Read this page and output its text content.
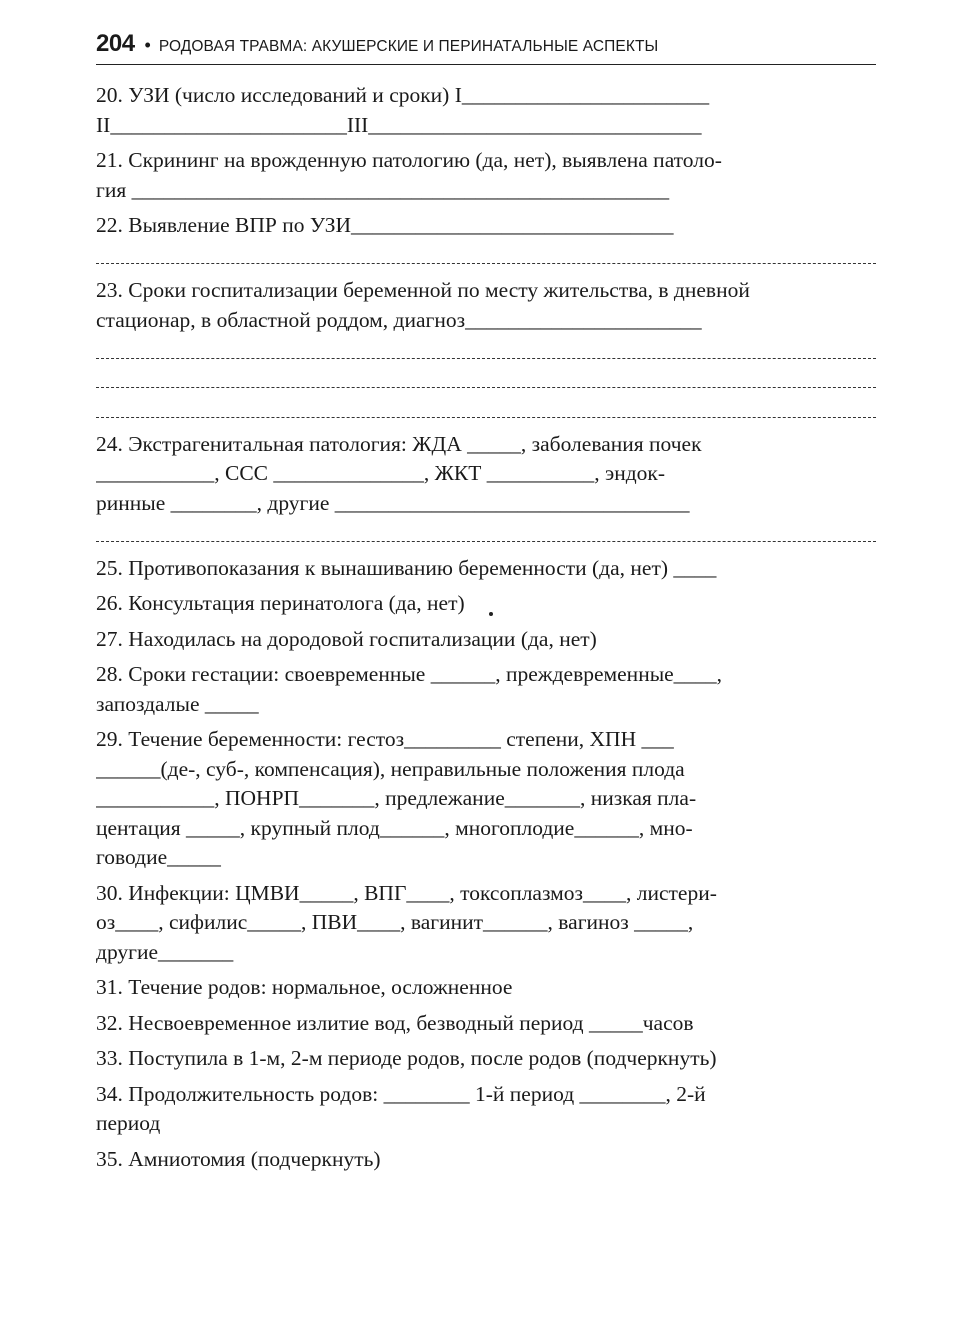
204 • РОДОВАЯ ТРАВМА: АКУШЕРСКИЕ И ПЕРИНАТАЛЬНЫЕ АСПЕКТЫ
20. УЗИ (число исследований и сроки) I_______________________
II______________________III_______________________________
21. Скрининг на врожденную патологию (да, нет), выявлена патоло-
гия __________________________________________________
22. Выявление ВПР по УЗИ______________________________
23. Сроки госпитализации беременной по месту жительства, в дневной
стационар, в областной роддом, диагноз______________________
24. Экстрагенитальная патология: ЖДА _____, заболевания почек
___________, ССС ______________, ЖКТ __________, эндок-
ринные ________, другие _________________________________
25. Противопоказания к вынашиванию беременности (да, нет) ____
26. Консультация перинатолога (да, нет)
27. Находилась на дородовой госпитализации (да, нет)
28. Сроки гестации: своевременные ______, преждевременные____,
запоздалые _____
29. Течение беременности: гестоз_________ степени, ХПН ___
______(де-, суб-, компенсация), неправильные положения плода
___________, ПОНРП_______, предлежание_______, низкая пла-
центация _____, крупный плод______, многоплодие______, мно-
говодие_____
30. Инфекции: ЦМВИ_____, ВПГ____, токсоплазмоз____, листери-
оз____, сифилис_____, ПВИ____, вагинит______, вагиноз _____,
другие_______
31. Течение родов: нормальное, осложненное
32. Несвоевременное излитие вод, безводный период _____часов
33. Поступила в 1-м, 2-м периоде родов, после родов (подчеркнуть)
34. Продолжительность родов: ________ 1-й период ________, 2-й
период
35. Амниотомия (подчеркнуть)
